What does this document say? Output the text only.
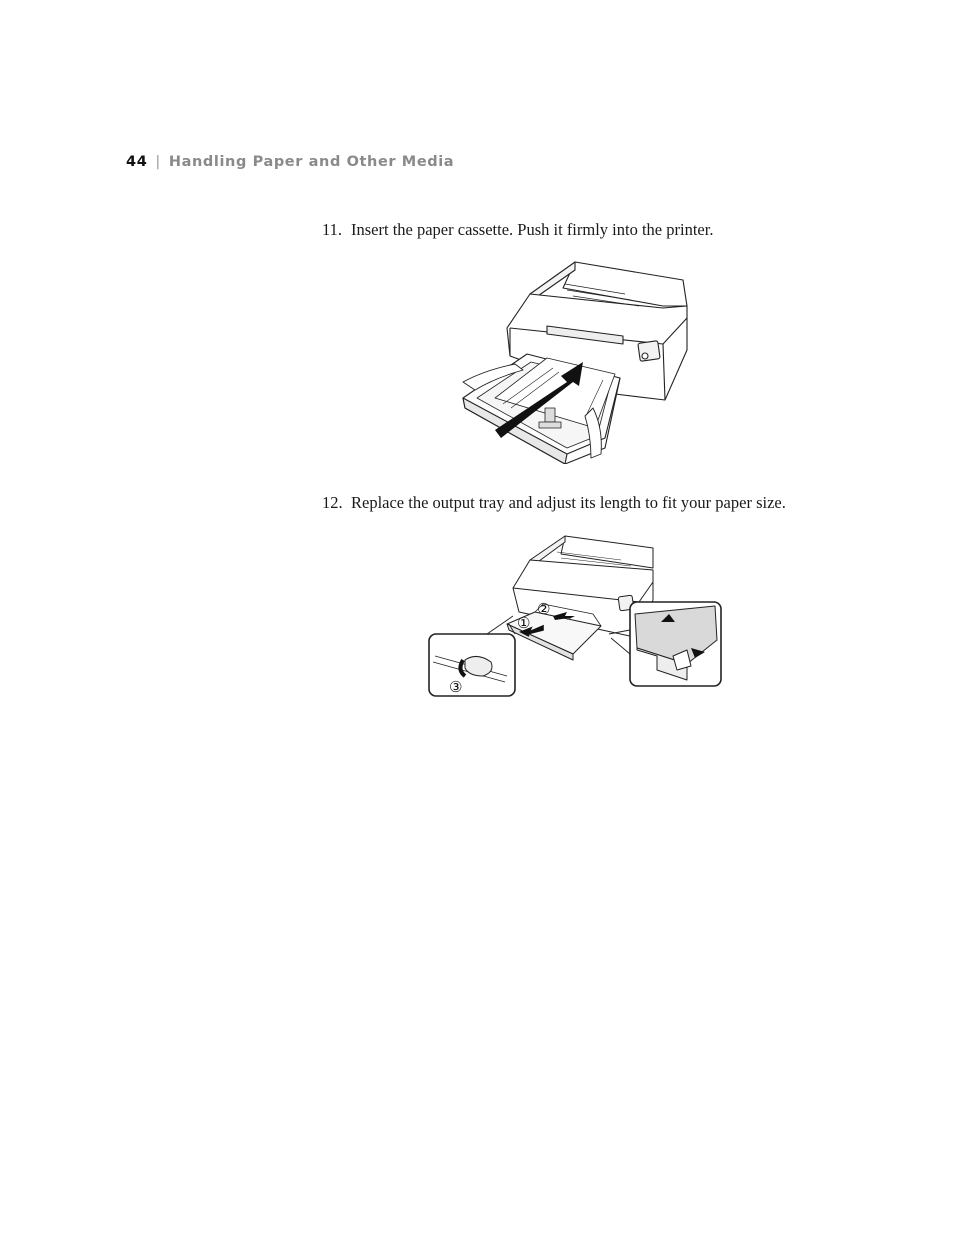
44 | Handling Paper and Other Media
11. Insert the paper cassette. Push it firmly into the printer.
12. Replace the output tray and adjust its length to fit your paper size.
②
①
③
